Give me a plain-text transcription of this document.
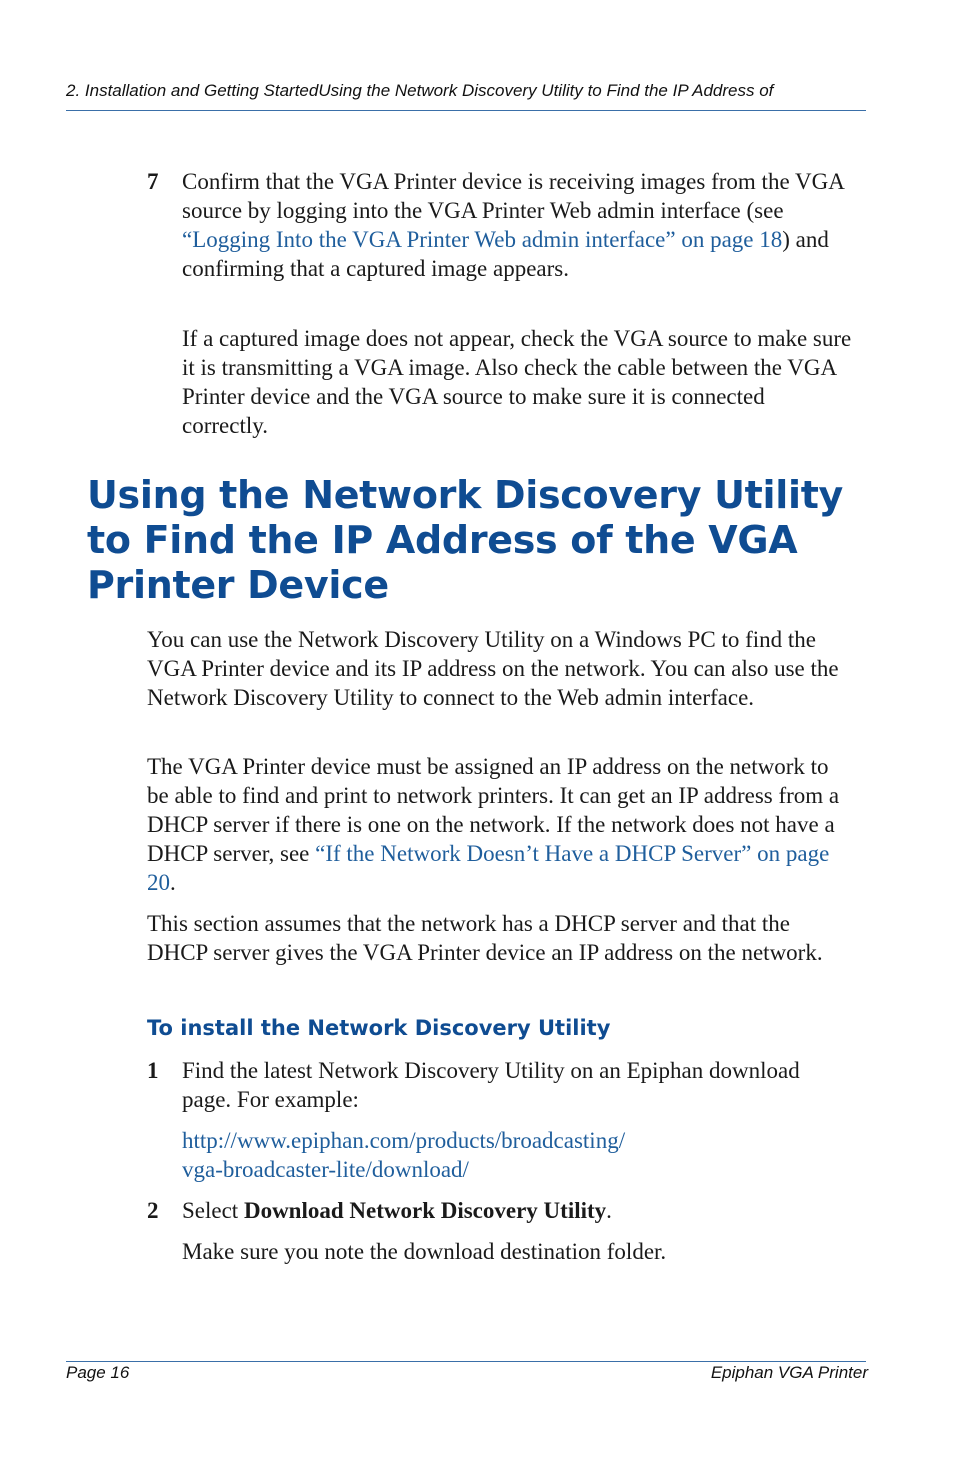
2. Installation and Getting StartedUsing the Network Discovery Utility to Find the IP Address of
7 Confirm that the VGA Printer device is receiving images from the VGA source by logging into the VGA Printer Web admin interface (see “Logging Into the VGA Printer Web admin interface” on page 18) and confirming that a captured image appears.

If a captured image does not appear, check the VGA source to make sure it is transmitting a VGA image. Also check the cable between the VGA Printer device and the VGA source to make sure it is connected correctly.

Using the Network Discovery Utility to Find the IP Address of the VGA Printer Device

You can use the Network Discovery Utility on a Windows PC to find the VGA Printer device and its IP address on the network. You can also use the Network Discovery Utility to connect to the Web admin interface.

The VGA Printer device must be assigned an IP address on the network to be able to find and print to network printers. It can get an IP address from a DHCP server if there is one on the network. If the network does not have a DHCP server, see “If the Network Doesn’t Have a DHCP Server” on page 20.

This section assumes that the network has a DHCP server and that the DHCP server gives the VGA Printer device an IP address on the network.

To install the Network Discovery Utility
1 Find the latest Network Discovery Utility on an Epiphan download page. For example:

http://www.epiphan.com/products/broadcasting/
vga-broadcaster-lite/download/

2 Select Download Network Discovery Utility.

Make sure you note the download destination folder.

Page 16	Epiphan VGA Printer
